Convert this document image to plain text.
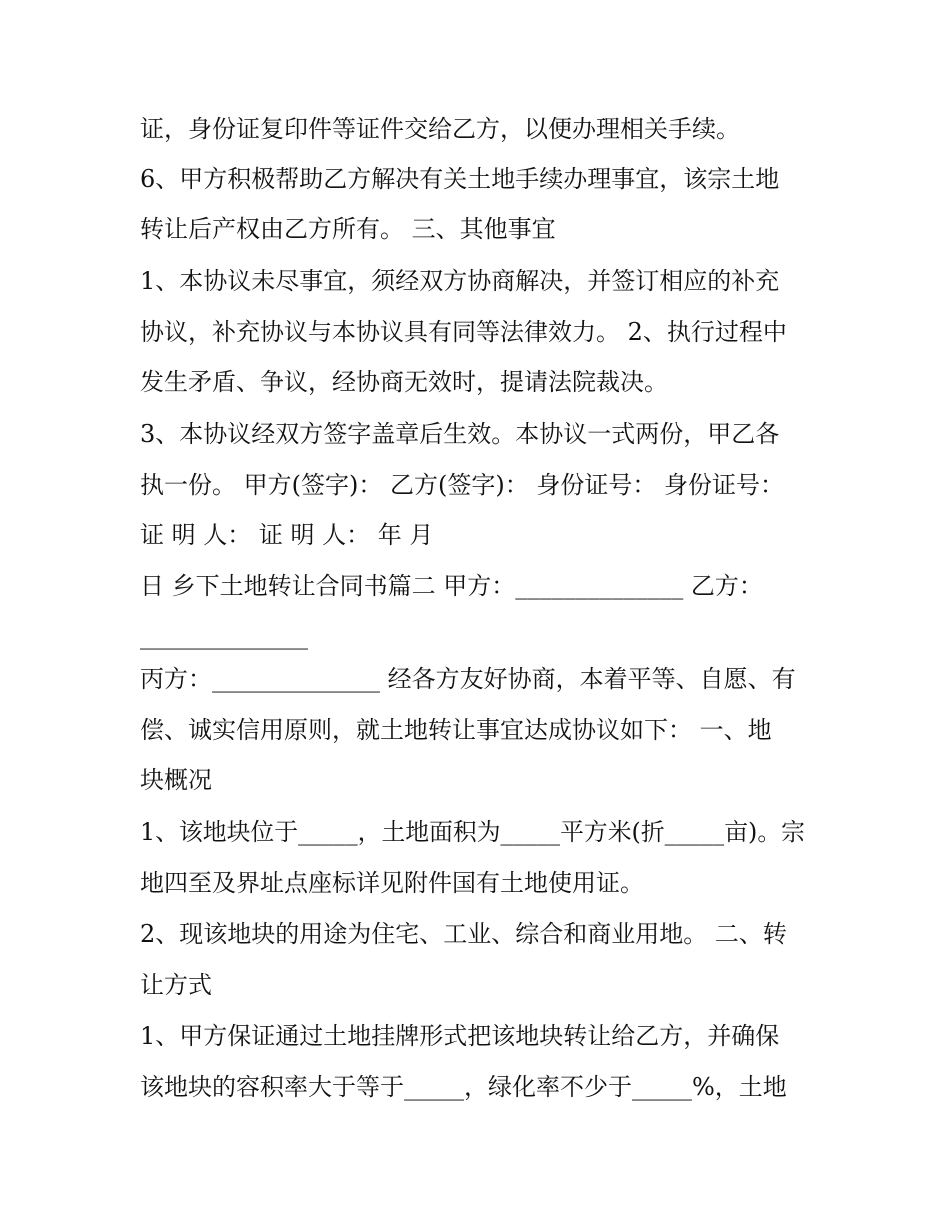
证，身份证复印件等证件交给乙方，以便办理相关手续。

6、甲方积极帮助乙方解决有关土地手续办理事宜，该宗土地

转让后产权由乙方所有。 三、其他事宜

1、本协议未尽事宜，须经双方协商解决，并签订相应的补充

协议，补充协议与本协议具有同等法律效力。 2、执行过程中

发生矛盾、争议，经协商无效时，提请法院裁决。

3、本协议经双方签字盖章后生效。本协议一式两份，甲乙各

执一份。 甲方(签字)： 乙方(签字)： 身份证号： 身份证号：

证 明 人： 证 明 人： 年 月

日 乡下土地转让合同书篇二 甲方：______________ 乙方：

______________

丙方：______________ 经各方友好协商，本着平等、自愿、有

偿、诚实信用原则，就土地转让事宜达成协议如下： 一、地

块概况

1、该地块位于_____，土地面积为_____平方米(折_____亩)。宗

地四至及界址点座标详见附件国有土地使用证。

2、现该地块的用途为住宅、工业、综合和商业用地。 二、转

让方式

1、甲方保证通过土地挂牌形式把该地块转让给乙方，并确保

该地块的容积率大于等于_____，绿化率不少于_____%，土地
